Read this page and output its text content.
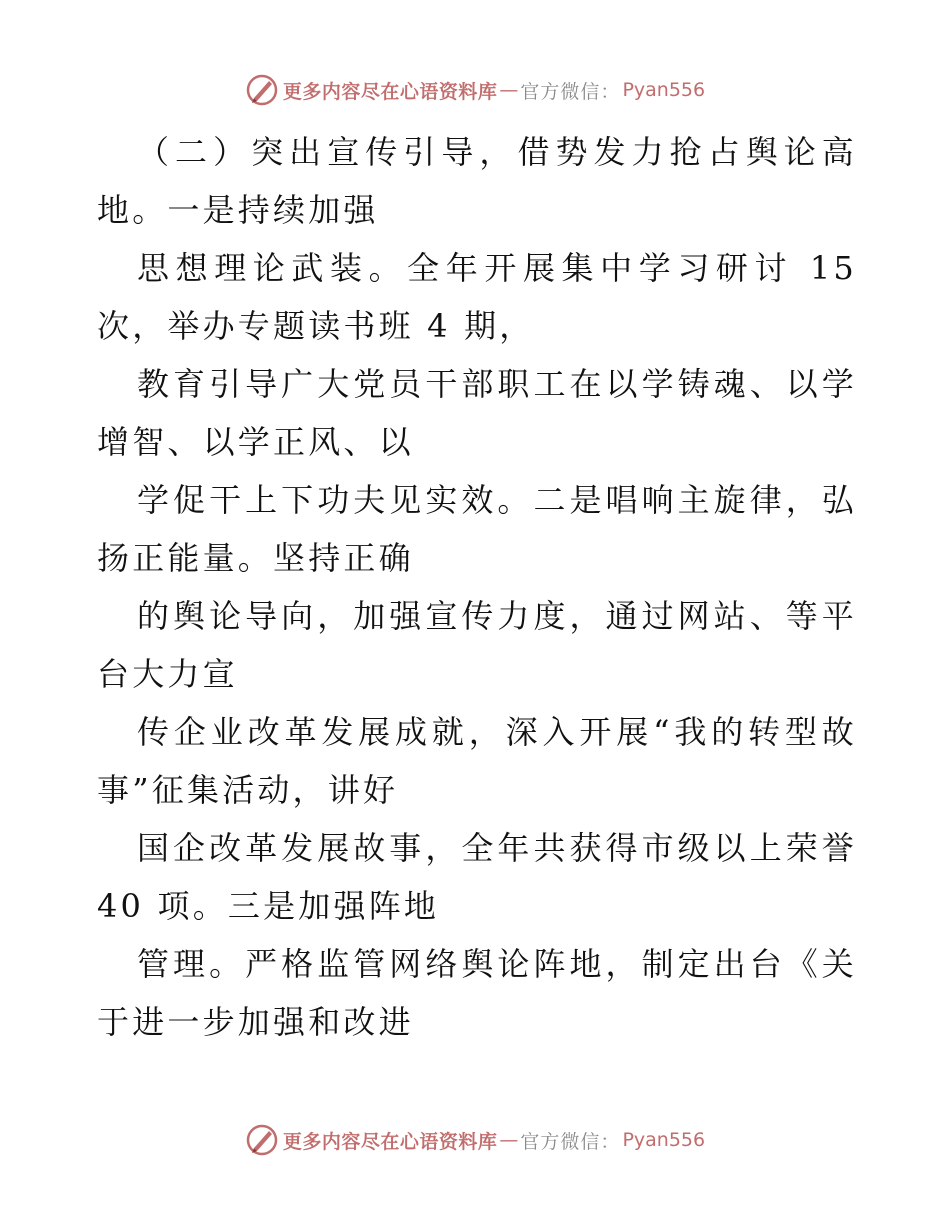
更多内容尽在心语资料库 — 官方微信： Pyan556

（二）突出宣传引导，借势发力抢占舆论高地。一是持续加强

思想理论武装。全年开展集中学习研讨 15 次，举办专题读书班 4 期，

教育引导广大党员干部职工在以学铸魂、以学增智、以学正风、以

学促干上下功夫见实效。二是唱响主旋律，弘扬正能量。坚持正确

的舆论导向，加强宣传力度，通过网站、等平台大力宣

传企业改革发展成就，深入开展“我的转型故事”征集活动，讲好

国企改革发展故事，全年共获得市级以上荣誉 40 项。三是加强阵地

管理。严格监管网络舆论阵地，制定出台《关于进一步加强和改进

更多内容尽在心语资料库 — 官方微信： Pyan556
